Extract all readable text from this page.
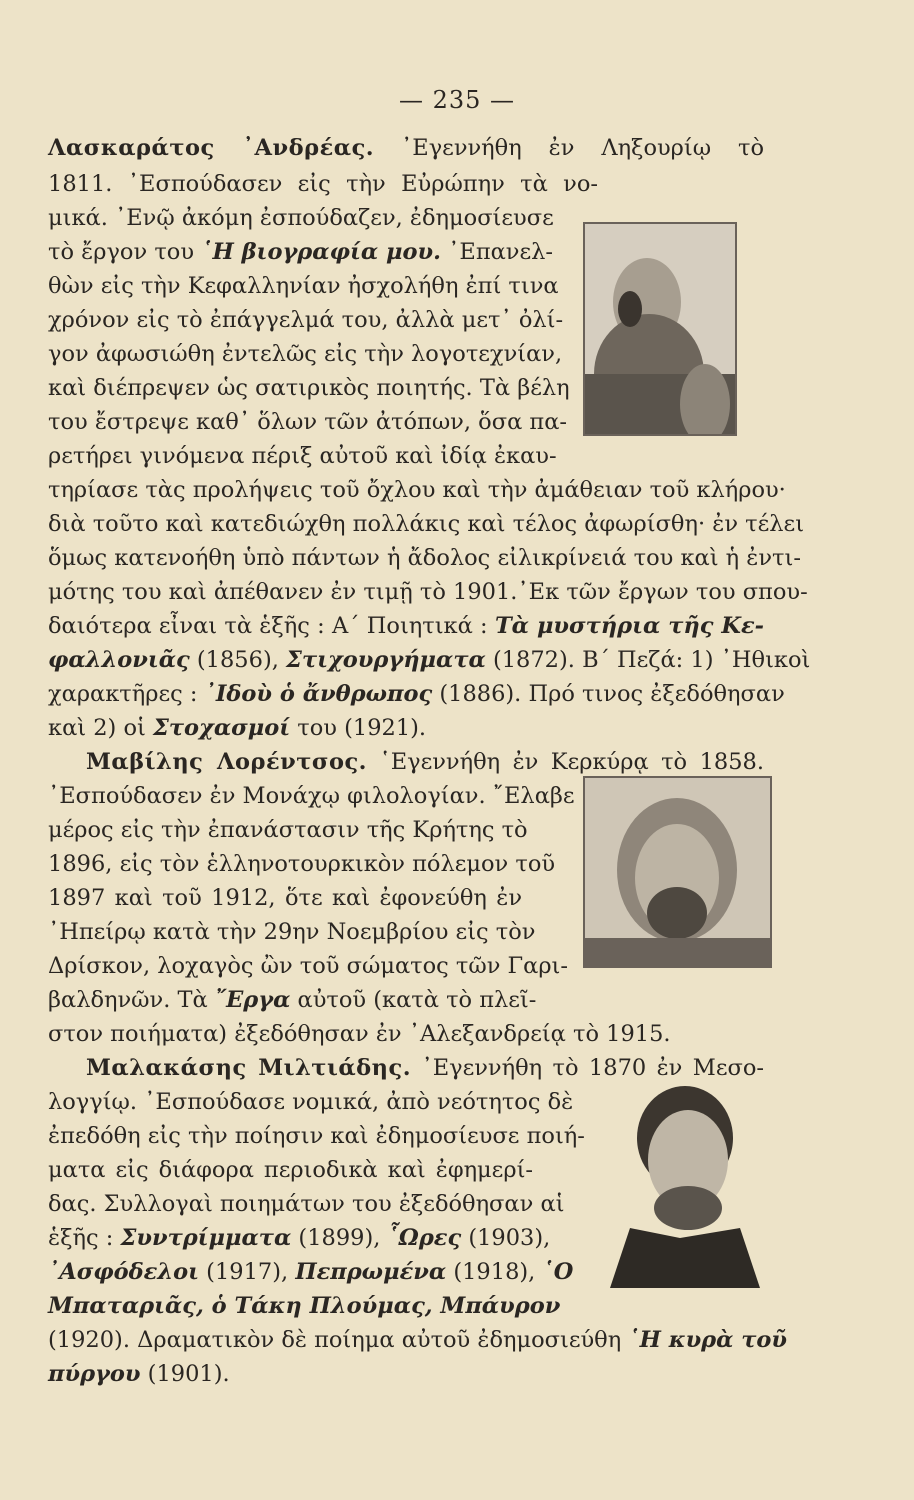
— 235 —
Λασκαράτος ᾿Ανδρέας. ᾿Εγεννήθη ἐν Ληξουρίῳ τὸ
1811. ᾿Εσπούδασεν εἰς τὴν Εὐρώπην τὰ νο-
μικά. ᾿Ενῷ ἀκόμη ἐσπούδαζεν, ἐδημοσίευσε
τὸ ἔργον του ῾Η βιογραφία μου. ᾿Επανελ-
θὼν εἰς τὴν Κεφαλληνίαν ἠσχολήθη ἐπί τινα
χρόνον εἰς τὸ ἐπάγγελμά του, ἀλλὰ μετ᾿ ὀλί-
γον ἀφωσιώθη ἐντελῶς εἰς τὴν λογοτεχνίαν,
καὶ διέπρεψεν ὡς σατιρικὸς ποιητής. Τὰ βέλη
του ἔστρεψε καθ᾿ ὅλων τῶν ἀτόπων, ὅσα πα-
ρετήρει γινόμενα πέριξ αὐτοῦ καὶ ἰδίᾳ ἐκαυ-
τηρίασε τὰς προλήψεις τοῦ ὄχλου καὶ τὴν ἀμάθειαν τοῦ κλήρου·
διὰ τοῦτο καὶ κατεδιώχθη πολλάκις καὶ τέλος ἀφωρίσθη· ἐν τέλει
ὅμως κατενοήθη ὑπὸ πάντων ἡ ἄδολος εἰλικρίνειά του καὶ ἡ ἐντι-
μότης του καὶ ἀπέθανεν ἐν τιμῇ τὸ 1901.᾿Εκ τῶν ἔργων του σπου-
δαιότερα εἶναι τὰ ἑξῆς : Α΄ Ποιητικά : Τὰ μυστήρια τῆς Κε-
φαλλονιᾶς (1856), Στιχουργήματα (1872). Β΄ Πεζά: 1) ᾿Ηθικοὶ
χαρακτῆρες : ᾿Ιδοὺ ὁ ἄνθρωπος (1886). Πρό τινος ἐξεδόθησαν
καὶ 2) οἱ Στοχασμοί του (1921).
Μαβίλης Λορέντσος. ῾Εγεννήθη ἐν Κερκύρᾳ τὸ 1858.
᾿Εσπούδασεν ἐν Μονάχῳ φιλολογίαν. ῎Ελαβε
μέρος εἰς τὴν ἐπανάστασιν τῆς Κρήτης τὸ
1896, εἰς τὸν ἑλληνοτουρκικὸν πόλεμον τοῦ
1897 καὶ τοῦ 1912, ὅτε καὶ ἐφονεύθη ἐν
᾿Ηπείρῳ κατὰ τὴν 29ην Νοεμβρίου εἰς τὸν
Δρίσκον, λοχαγὸς ὢν τοῦ σώματος τῶν Γαρι-
βαλδηνῶν. Τὰ ῎Εργα αὐτοῦ (κατὰ τὸ πλεῖ-
στον ποιήματα) ἐξεδόθησαν ἐν ᾿Αλεξανδρείᾳ τὸ 1915.
Μαλακάσης Μιλτιάδης. ᾿Εγεννήθη τὸ 1870 ἐν Μεσο-
λογγίῳ. ᾿Εσπούδασε νομικά, ἀπὸ νεότητος δὲ
ἐπεδόθη εἰς τὴν ποίησιν καὶ ἐδημοσίευσε ποιή-
ματα εἰς διάφορα περιοδικὰ καὶ ἐφημερί-
δας. Συλλογαὶ ποιημάτων του ἐξεδόθησαν αἱ
ἑξῆς : Συντρίμματα (1899), ῟Ωρες (1903),
᾿Ασφόδελοι (1917), Πεπρωμένα (1918), ῾Ο
Μπαταριᾶς, ὁ Τάκη Πλούμας, Μπάυρον
(1920). Δραματικὸν δὲ ποίημα αὐτοῦ ἐδημοσιεύθη ῾Η κυρὰ τοῦ
πύργου (1901).
